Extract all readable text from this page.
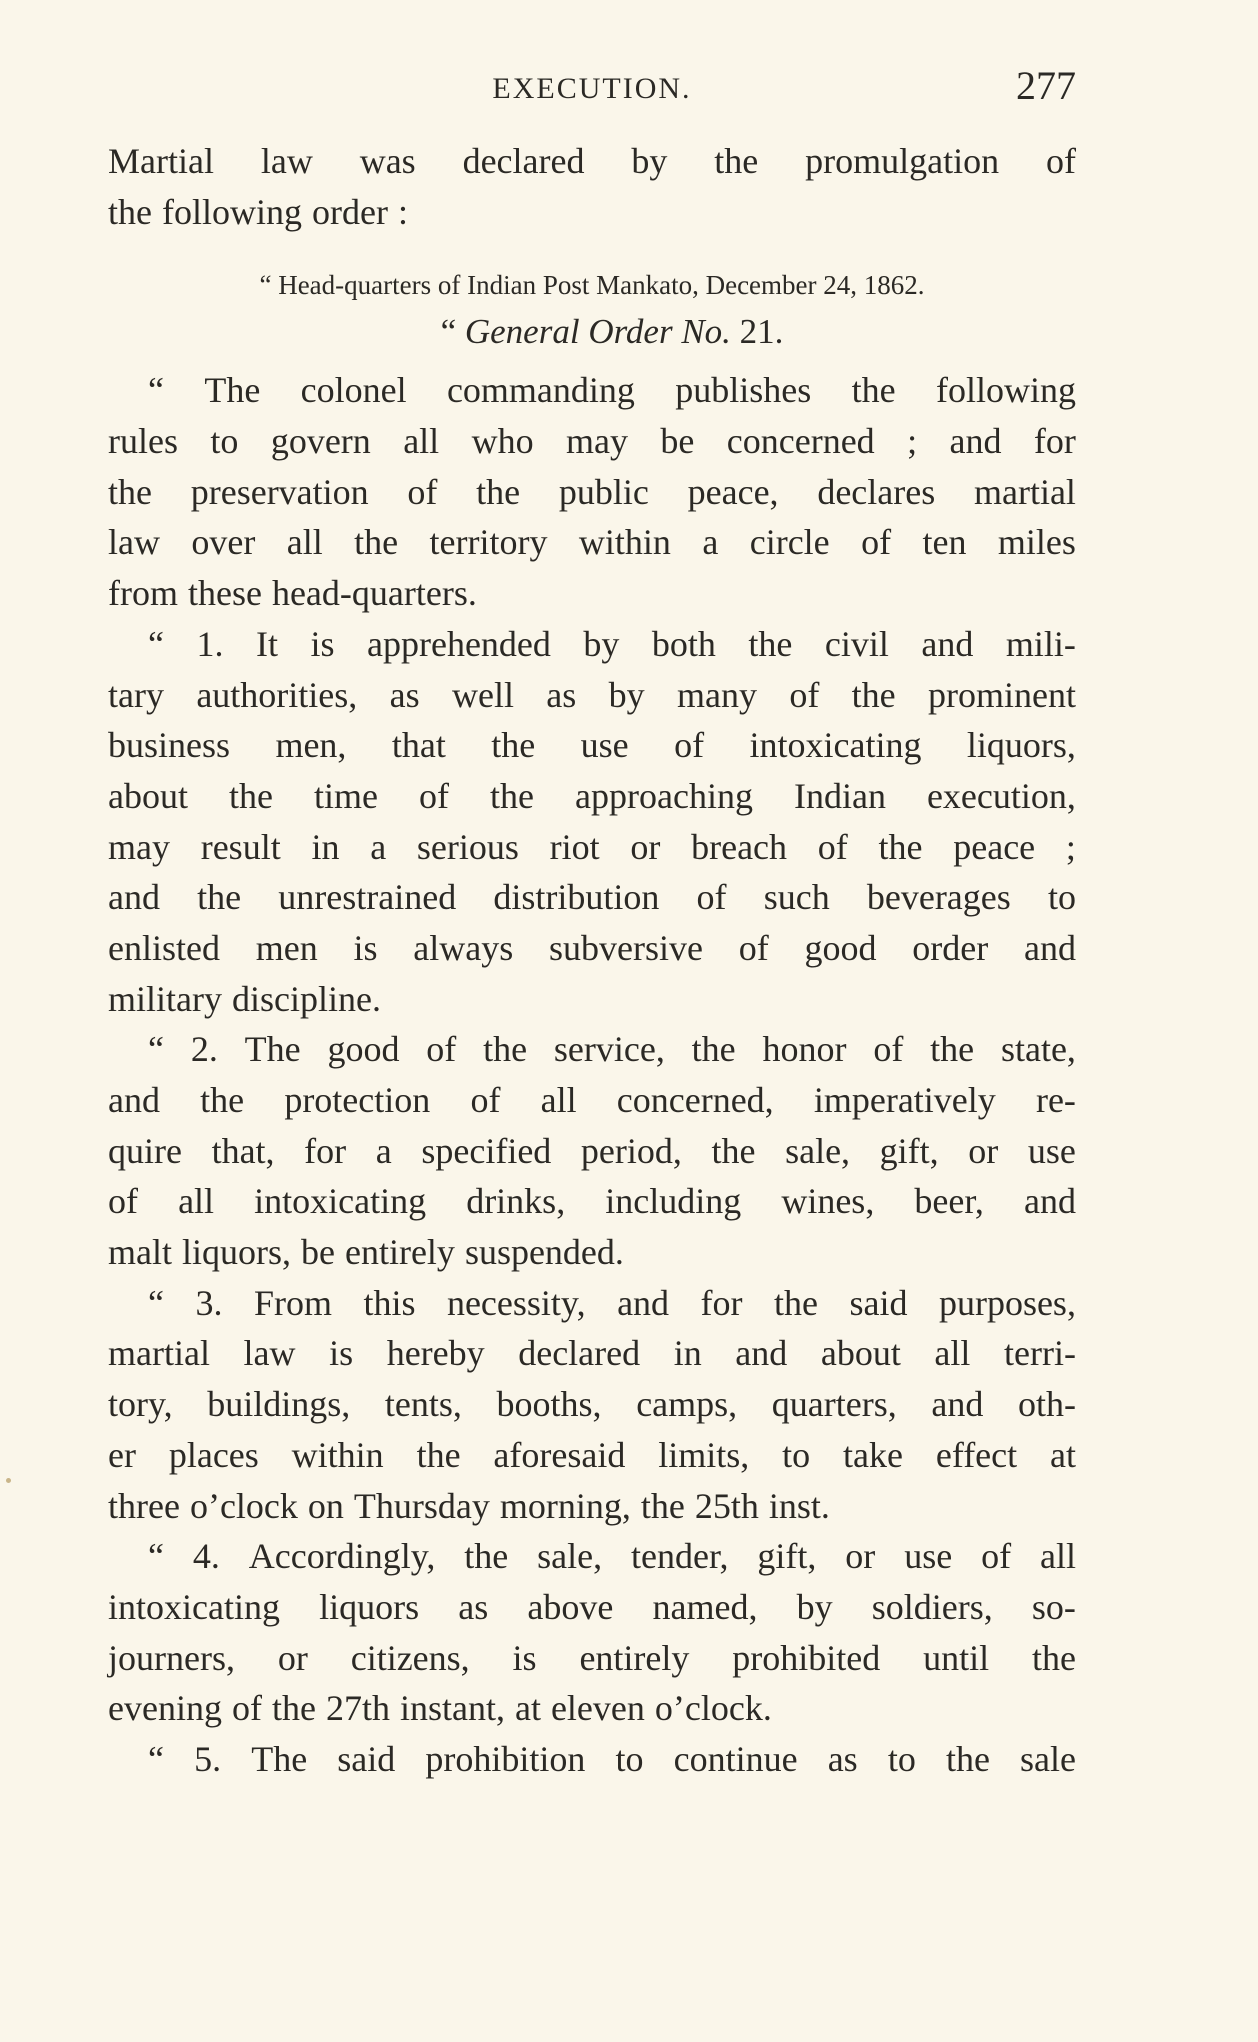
EXECUTION.	277
Martial law was declared by the promulgation of
the following order :
“ Head-quarters of Indian Post Mankato, December 24, 1862.
“ General Order No. 21.
“ The colonel commanding publishes the following
rules to govern all who may be concerned ; and for
the preservation of the public peace, declares martial
law over all the territory within a circle of ten miles
from these head-quarters.
“ 1. It is apprehended by both the civil and mili-
tary authorities, as well as by many of the prominent
business men, that the use of intoxicating liquors,
about the time of the approaching Indian execution,
may result in a serious riot or breach of the peace ;
and the unrestrained distribution of such beverages to
enlisted men is always subversive of good order and
military discipline.
“ 2. The good of the service, the honor of the state,
and the protection of all concerned, imperatively re-
quire that, for a specified period, the sale, gift, or use
of all intoxicating drinks, including wines, beer, and
malt liquors, be entirely suspended.
“ 3. From this necessity, and for the said purposes,
martial law is hereby declared in and about all terri-
tory, buildings, tents, booths, camps, quarters, and oth-
er places within the aforesaid limits, to take effect at
three o’clock on Thursday morning, the 25th inst.
“ 4. Accordingly, the sale, tender, gift, or use of all
intoxicating liquors as above named, by soldiers, so-
journers, or citizens, is entirely prohibited until the
evening of the 27th instant, at eleven o’clock.
“ 5. The said prohibition to continue as to the sale
